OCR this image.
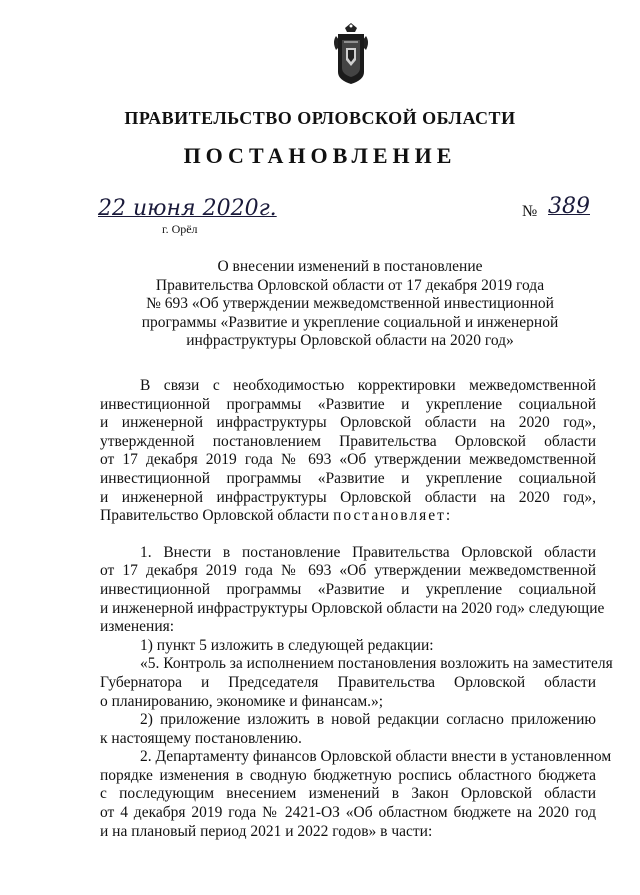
ПРАВИТЕЛЬСТВО ОРЛОВСКОЙ ОБЛАСТИ
ПОСТАНОВЛЕНИЕ
22 июня 2020г.
г. Орёл
№ 389
О внесении изменений в постановление
Правительства Орловской области от 17 декабря 2019 года
№ 693 «Об утверждении межведомственной инвестиционной
программы «Развитие и укрепление социальной и инженерной
инфраструктуры Орловской области на 2020 год»
В связи с необходимостью корректировки межведомственной
инвестиционной программы «Развитие и укрепление социальной
и инженерной инфраструктуры Орловской области на 2020 год»,
утвержденной постановлением Правительства Орловской области
от 17 декабря 2019 года № 693 «Об утверждении межведомственной
инвестиционной программы «Развитие и укрепление социальной
и инженерной инфраструктуры Орловской области на 2020 год»,
Правительство Орловской области постановляет:
1. Внести в постановление Правительства Орловской области
от 17 декабря 2019 года № 693 «Об утверждении межведомственной
инвестиционной программы «Развитие и укрепление социальной
и инженерной инфраструктуры Орловской области на 2020 год» следующие
изменения:
1) пункт 5 изложить в следующей редакции:
«5. Контроль за исполнением постановления возложить на заместителя
Губернатора и Председателя Правительства Орловской области
о планированию, экономике и финансам.»;
2) приложение изложить в новой редакции согласно приложению
к настоящему постановлению.
2. Департаменту финансов Орловской области внести в установленном
порядке изменения в сводную бюджетную роспись областного бюджета
с последующим внесением изменений в Закон Орловской области
от 4 декабря 2019 года № 2421-ОЗ «Об областном бюджете на 2020 год
и на плановый период 2021 и 2022 годов» в части:
